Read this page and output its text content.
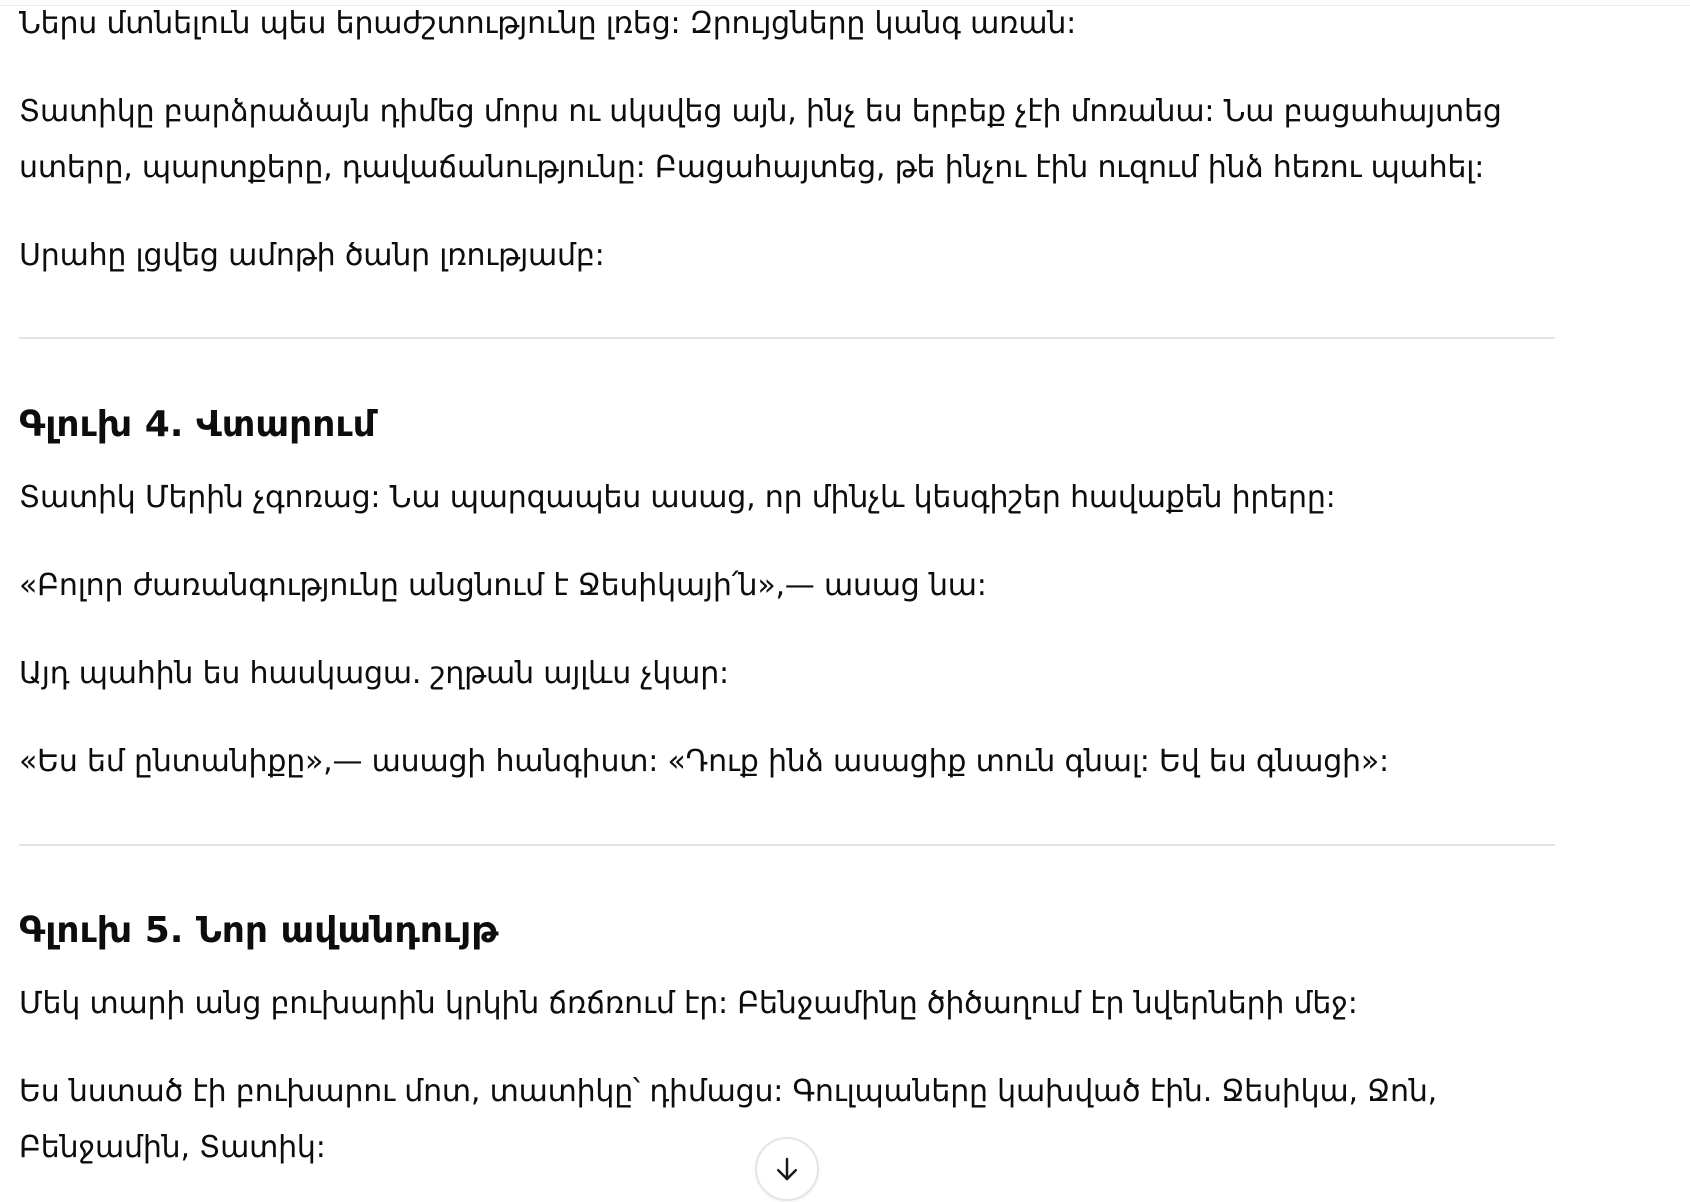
Ներս մտնելուն պես երաժշտությունը լռեց: Զրույցները կանգ առան:

Տատիկը բարձրաձայն դիմեց մորս ու սկսվեց այն, ինչ ես երբեք չէի մոռանա: Նա բացահայտեց ստերը, պարտքերը, դավաճանությունը: Բացահայտեց, թե ինչու էին ուզում ինձ հեռու պահել:

Սրահը լցվեց ամոթի ծանր լռությամբ:

Գլուխ 4. Վտարում

Տատիկ Մերին չգոռաց: Նա պարզապես ասաց, որ մինչև կեսգիշեր հավաքեն իրերը:

«Բոլոր ժառանգությունը անցնում է Ջեսիկայի՛ն»,— ասաց նա:

Այդ պահին ես հասկացա. շղթան այլևս չկար:

«Ես եմ ընտանիքը»,— ասացի հանգիստ: «Դուք ինձ ասացիք տուն գնալ: Եվ ես գնացի»:

Գլուխ 5. Նոր ավանդույթ

Մեկ տարի անց բուխարին կրկին ճռճռում էր: Բենջամինը ծիծաղում էր նվերների մեջ:

Ես նստած էի բուխարու մոտ, տատիկը՝ դիմացս: Գուլպաները կախված էին. Ջեսիկա, Ջոն, Բենջամին, Տատիկ:
